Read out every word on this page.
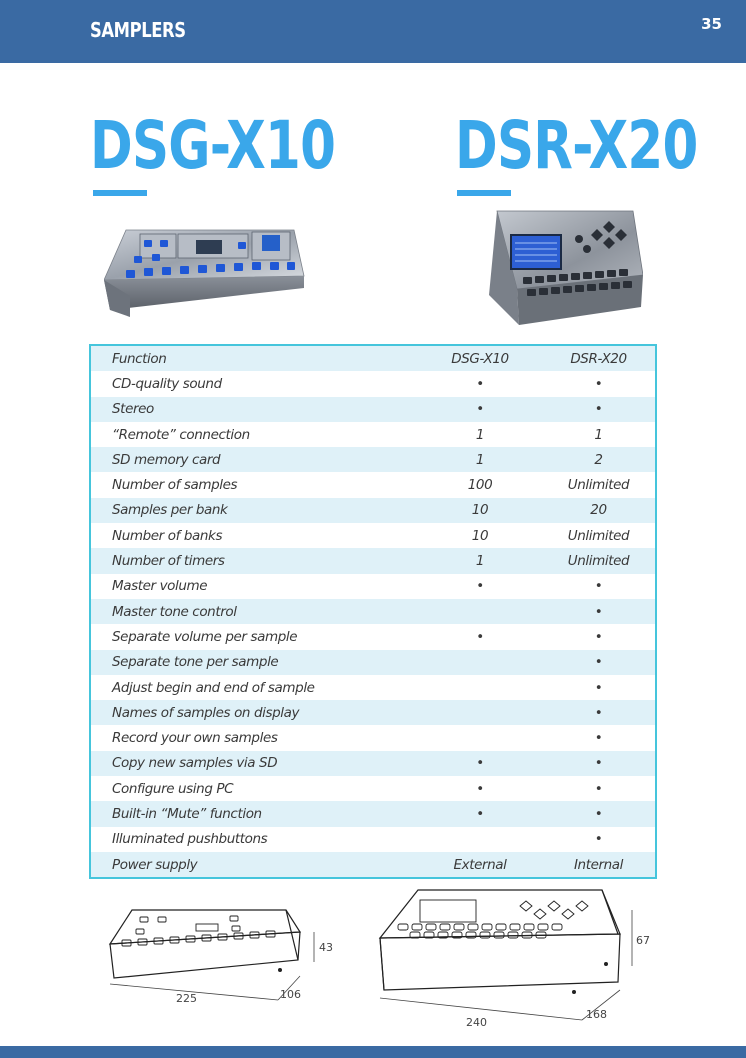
SAMPLERS	35
DSG-X10 DSR-X20
Function	DSG-X10	DSR-X20
CD-quality sound	•	•
Stereo	•	•
“Remote” connection	1	1
SD memory card	1	2
Number of samples	100	Unlimited
Samples per bank	10	20
Number of banks	10	Unlimited
Number of timers	1	Unlimited
Master volume	•	•
Master tone control		•
Separate volume per sample	•	•
Separate tone per sample		•
Adjust begin and end of sample		•
Names of samples on display		•
Record your own samples		•
Copy new samples via SD	•	•
Configure using PC	•	•
Built-in “Mute” function	•	•
Illuminated pushbuttons		•
Power supply	External	Internal
225	106
43
240
168
67
